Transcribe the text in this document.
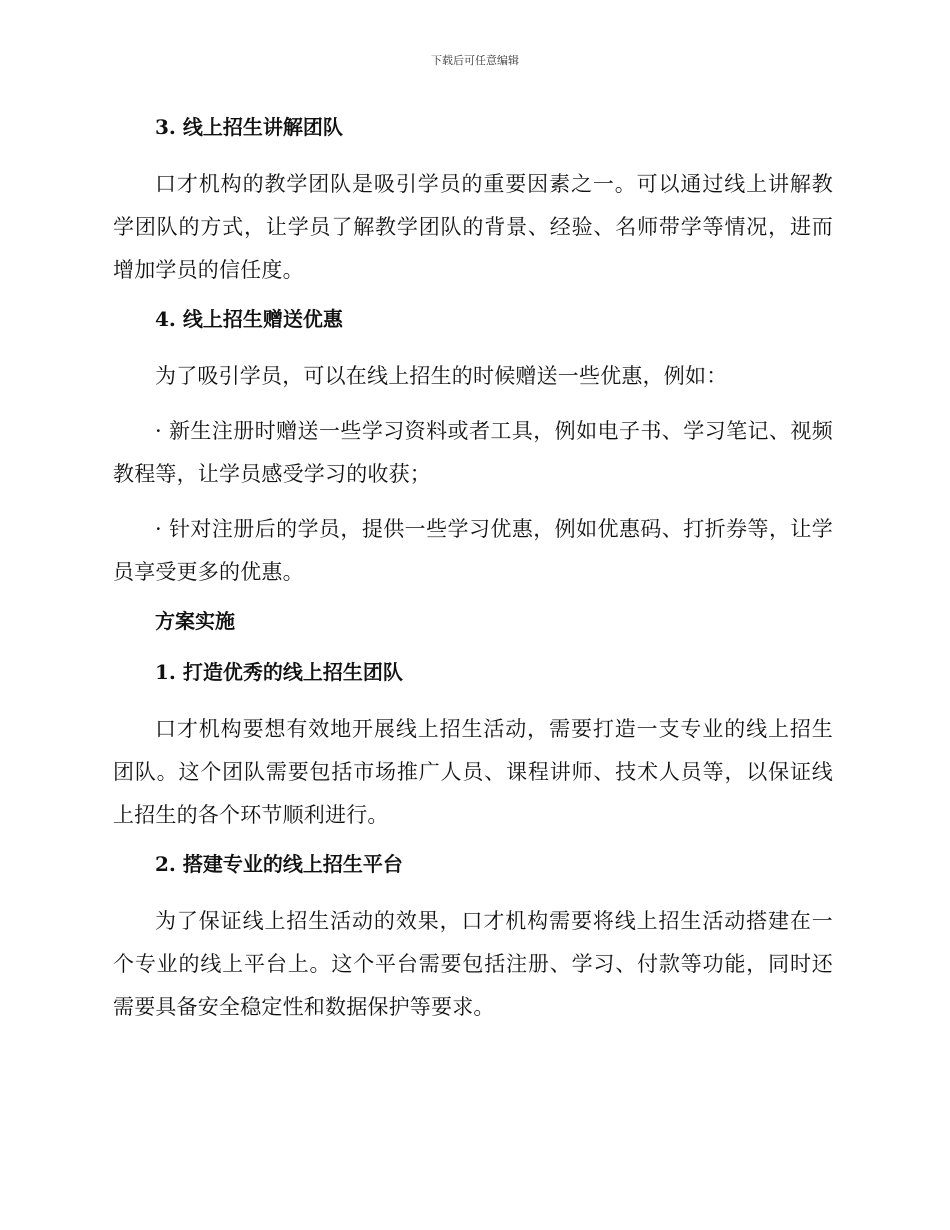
下载后可任意编辑
3. 线上招生讲解团队

口才机构的教学团队是吸引学员的重要因素之一。可以通过线上讲解教学团队的方式，让学员了解教学团队的背景、经验、名师带学等情况，进而增加学员的信任度。

4. 线上招生赠送优惠

为了吸引学员，可以在线上招生的时候赠送一些优惠，例如：

· 新生注册时赠送一些学习资料或者工具，例如电子书、学习笔记、视频教程等，让学员感受学习的收获；

· 针对注册后的学员，提供一些学习优惠，例如优惠码、打折券等，让学员享受更多的优惠。

方案实施
1. 打造优秀的线上招生团队

口才机构要想有效地开展线上招生活动，需要打造一支专业的线上招生团队。这个团队需要包括市场推广人员、课程讲师、技术人员等，以保证线上招生的各个环节顺利进行。

2. 搭建专业的线上招生平台

为了保证线上招生活动的效果，口才机构需要将线上招生活动搭建在一个专业的线上平台上。这个平台需要包括注册、学习、付款等功能，同时还需要具备安全稳定性和数据保护等要求。
